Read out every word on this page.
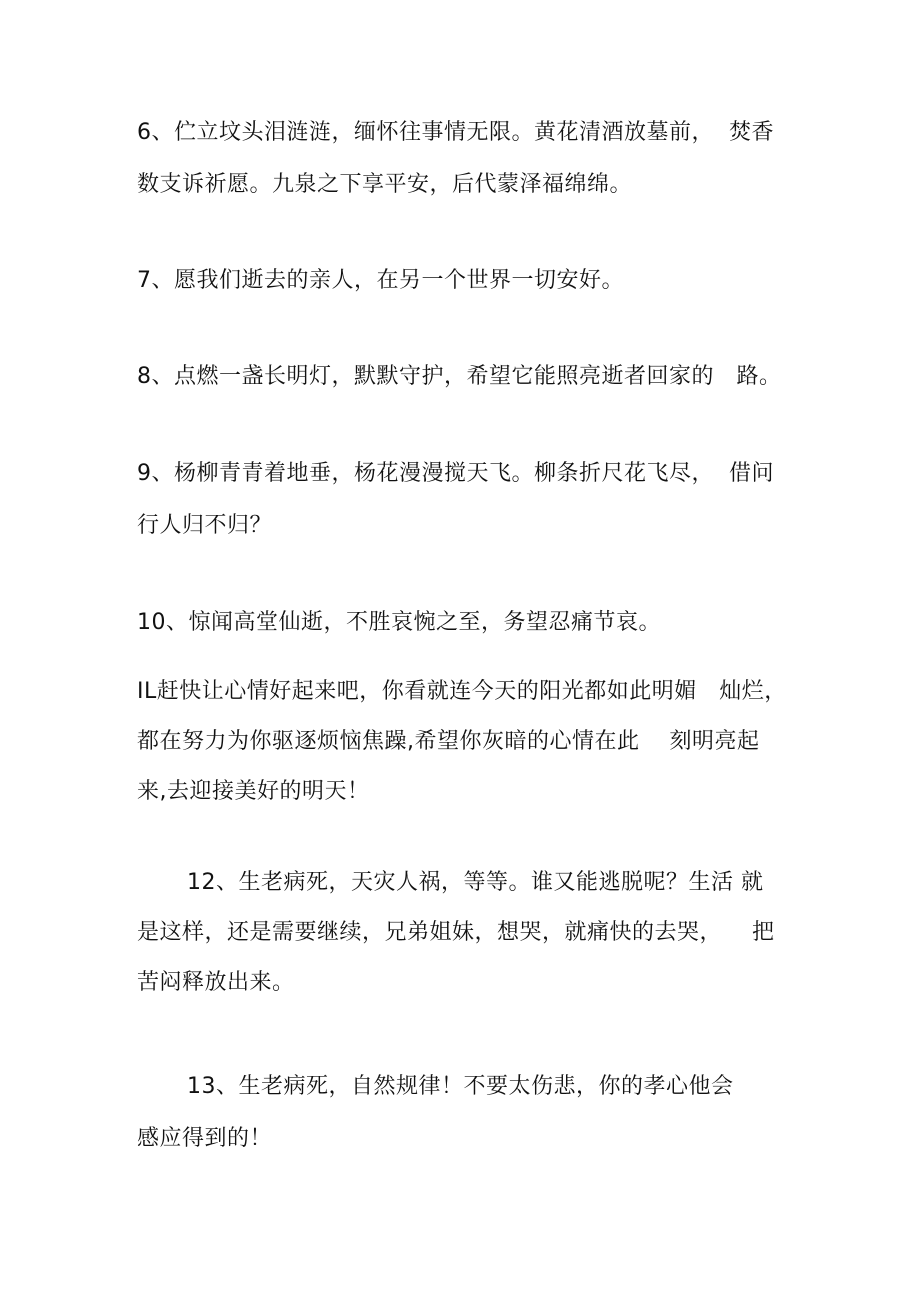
6、伫立坟头泪涟涟，缅怀往事情无限。黄花清酒放墓前，  焚香
数支诉祈愿。九泉之下享平安，后代蒙泽福绵绵。
7、愿我们逝去的亲人，在另一个世界一切安好。
8、点燃一盏长明灯，默默守护，希望它能照亮逝者回家的   路。
9、杨柳青青着地垂，杨花漫漫搅天飞。柳条折尺花飞尽，  借问
行人归不归？
10、惊闻高堂仙逝，不胜哀惋之至，务望忍痛节哀。
IL赶快让心情好起来吧，你看就连今天的阳光都如此明媚   灿烂，
都在努力为你驱逐烦恼焦躁,希望你灰暗的心情在此    刻明亮起
来,去迎接美好的明天！
12、生老病死，天灾人祸，等等。谁又能逃脱呢？生活 就
是这样，还是需要继续，兄弟姐妹，想哭，就痛快的去哭，    把
苦闷释放出来。
13、生老病死，自然规律！不要太伤悲，你的孝心他会
感应得到的！
